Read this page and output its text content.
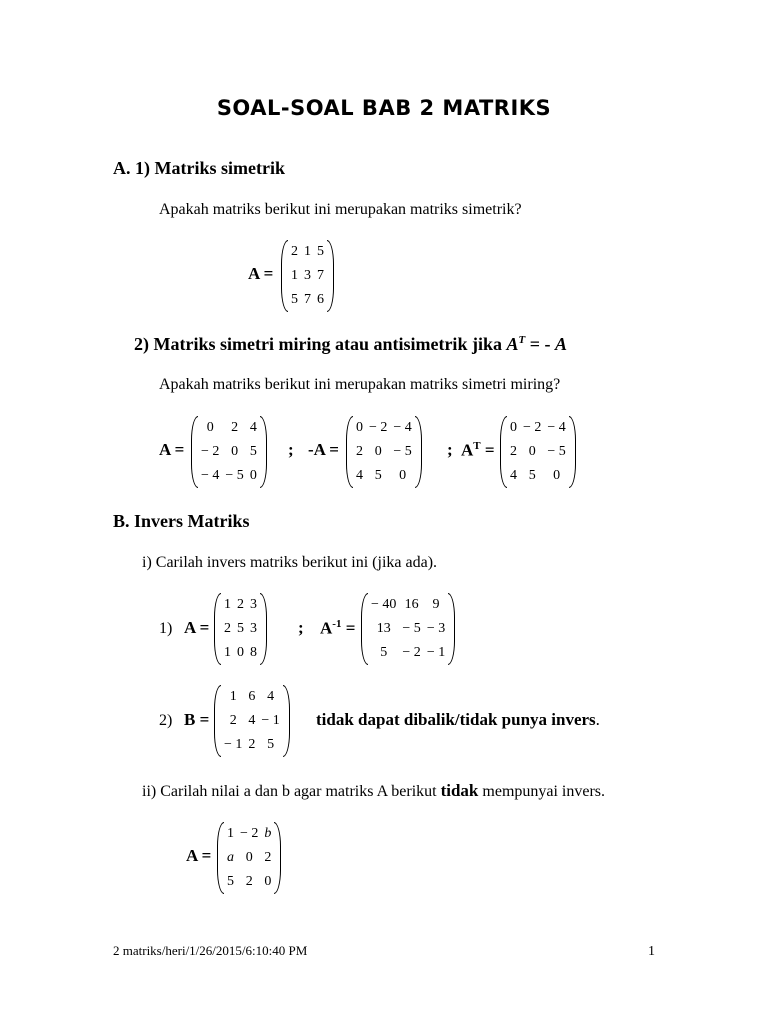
SOAL-SOAL BAB 2 MATRIKS
A. 1) Matriks simetrik
Apakah matriks berikut ini merupakan matriks simetrik?
A =
2	1	5
1	3	7
5	7	6
2) Matriks simetri miring atau antisimetrik jika $A^T$ = - A
Apakah matriks berikut ini merupakan matriks simetri miring?
A =
0	2	4
− 2	0	5
− 4	− 5	0
; -A =
0	− 2	− 4
2	0	− 5
4	5	0
; $A^T$ =
0	− 2	− 4
2	0	− 5
4	5	0
B. Invers Matriks
i) Carilah invers matriks berikut ini (jika ada).
1) A =
1	2	3
2	5	3
1	0	8
; $A^{-1}$ =
− 40	16	9
13	− 5	− 3
5	− 2	− 1
2) B =
1	6	4
2	4	− 1
− 1	2	5
tidak dapat dibalik/tidak punya invers.
ii) Carilah nilai a dan b agar matriks A berikut tidak mempunyai invers.
A =
1	− 2	b
a	0	2
5	2	0
2 matriks/heri/1/26/2015/6:10:40 PM	1
